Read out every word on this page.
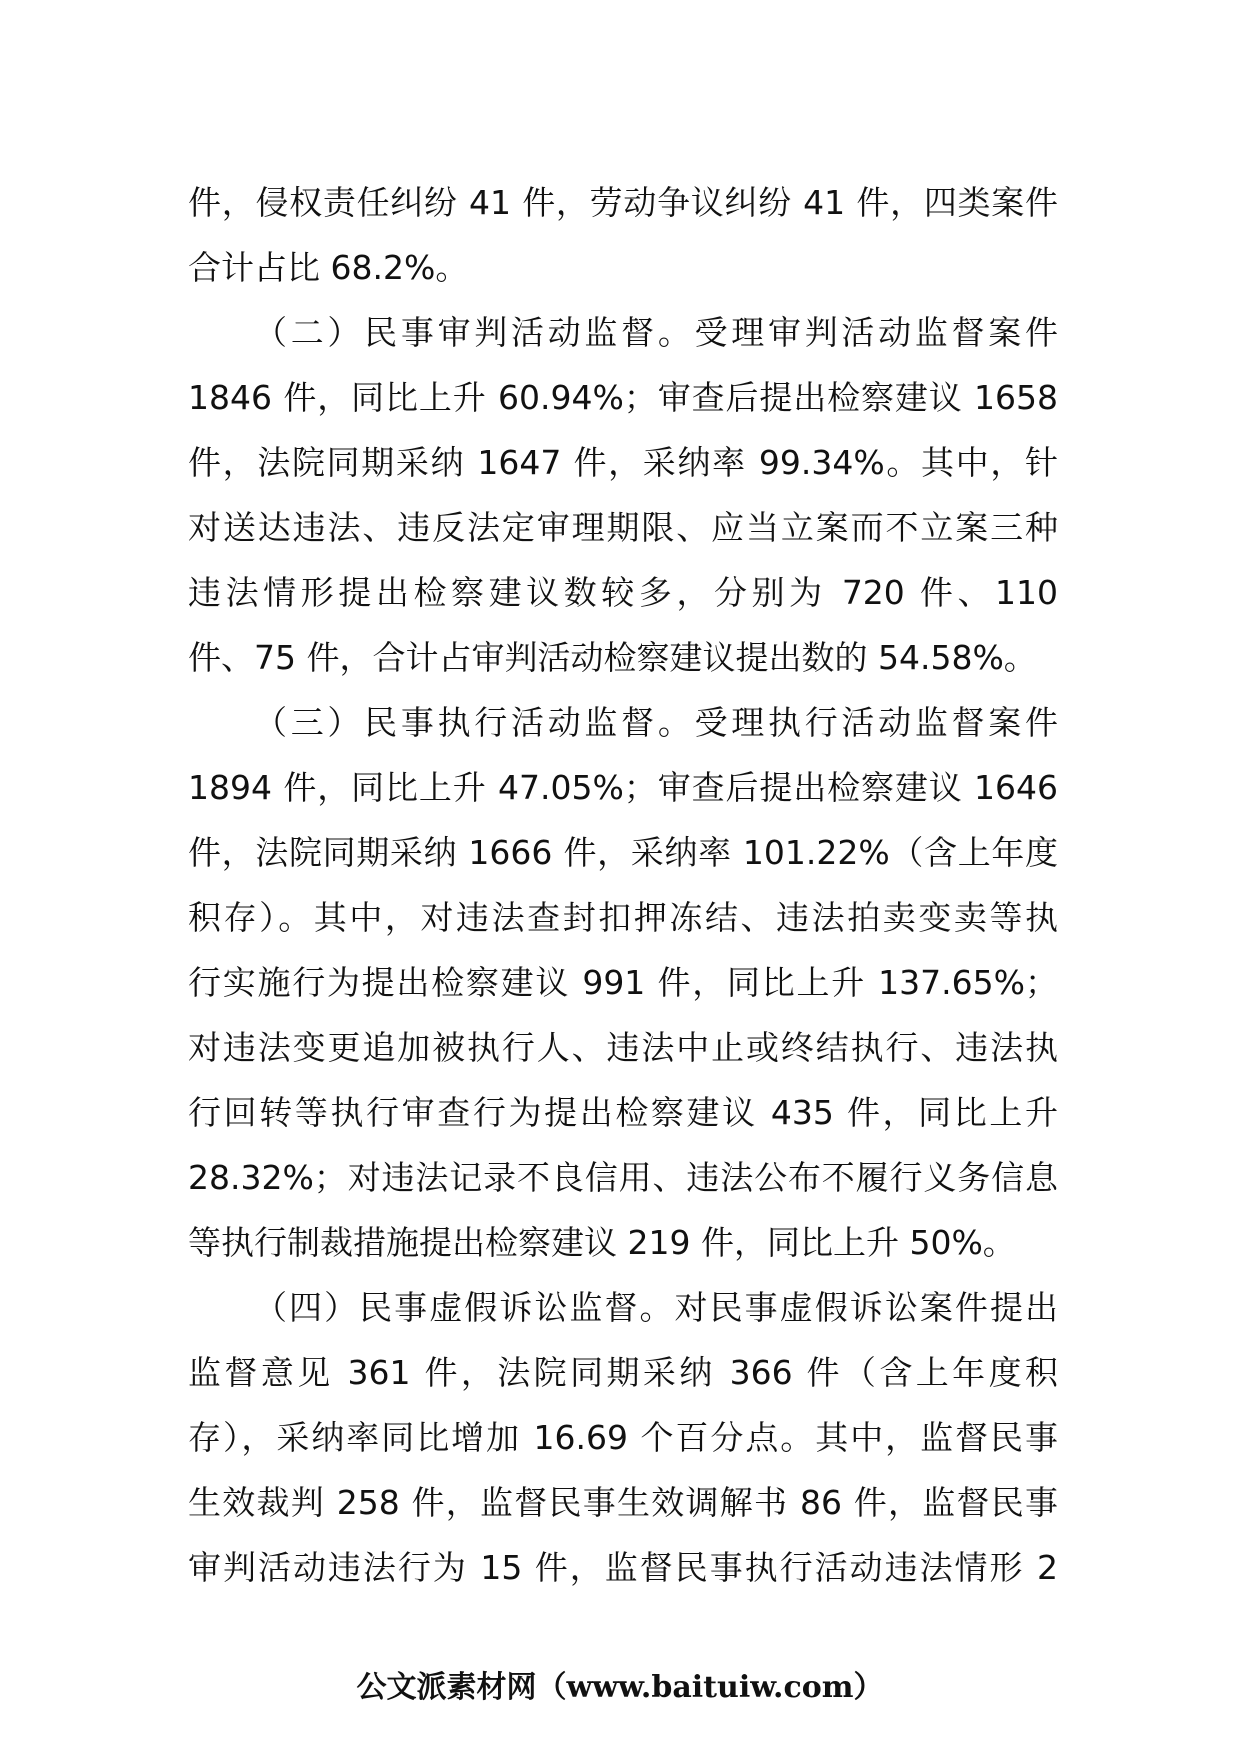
件，侵权责任纠纷 41 件，劳动争议纠纷 41 件，四类案件
合计占比 68.2%。
（二）民事审判活动监督。受理审判活动监督案件
1846 件，同比上升 60.94%；审查后提出检察建议 1658
件，法院同期采纳 1647 件，采纳率 99.34%。其中，针
对送达违法、违反法定审理期限、应当立案而不立案三种
违法情形提出检察建议数较多，分别为 720 件、110
件、75 件，合计占审判活动检察建议提出数的 54.58%。
（三）民事执行活动监督。受理执行活动监督案件
1894 件，同比上升 47.05%；审查后提出检察建议 1646
件，法院同期采纳 1666 件，采纳率 101.22%（含上年度
积存）。其中，对违法查封扣押冻结、违法拍卖变卖等执
行实施行为提出检察建议 991 件，同比上升 137.65%；
对违法变更追加被执行人、违法中止或终结执行、违法执
行回转等执行审查行为提出检察建议 435 件，同比上升
28.32%；对违法记录不良信用、违法公布不履行义务信息
等执行制裁措施提出检察建议 219 件，同比上升 50%。
（四）民事虚假诉讼监督。对民事虚假诉讼案件提出
监督意见 361 件，法院同期采纳 366 件（含上年度积
存），采纳率同比增加 16.69 个百分点。其中，监督民事
生效裁判 258 件，监督民事生效调解书 86 件，监督民事
审判活动违法行为 15 件，监督民事执行活动违法情形 2
公文派素材网（www.baituiw.com）
